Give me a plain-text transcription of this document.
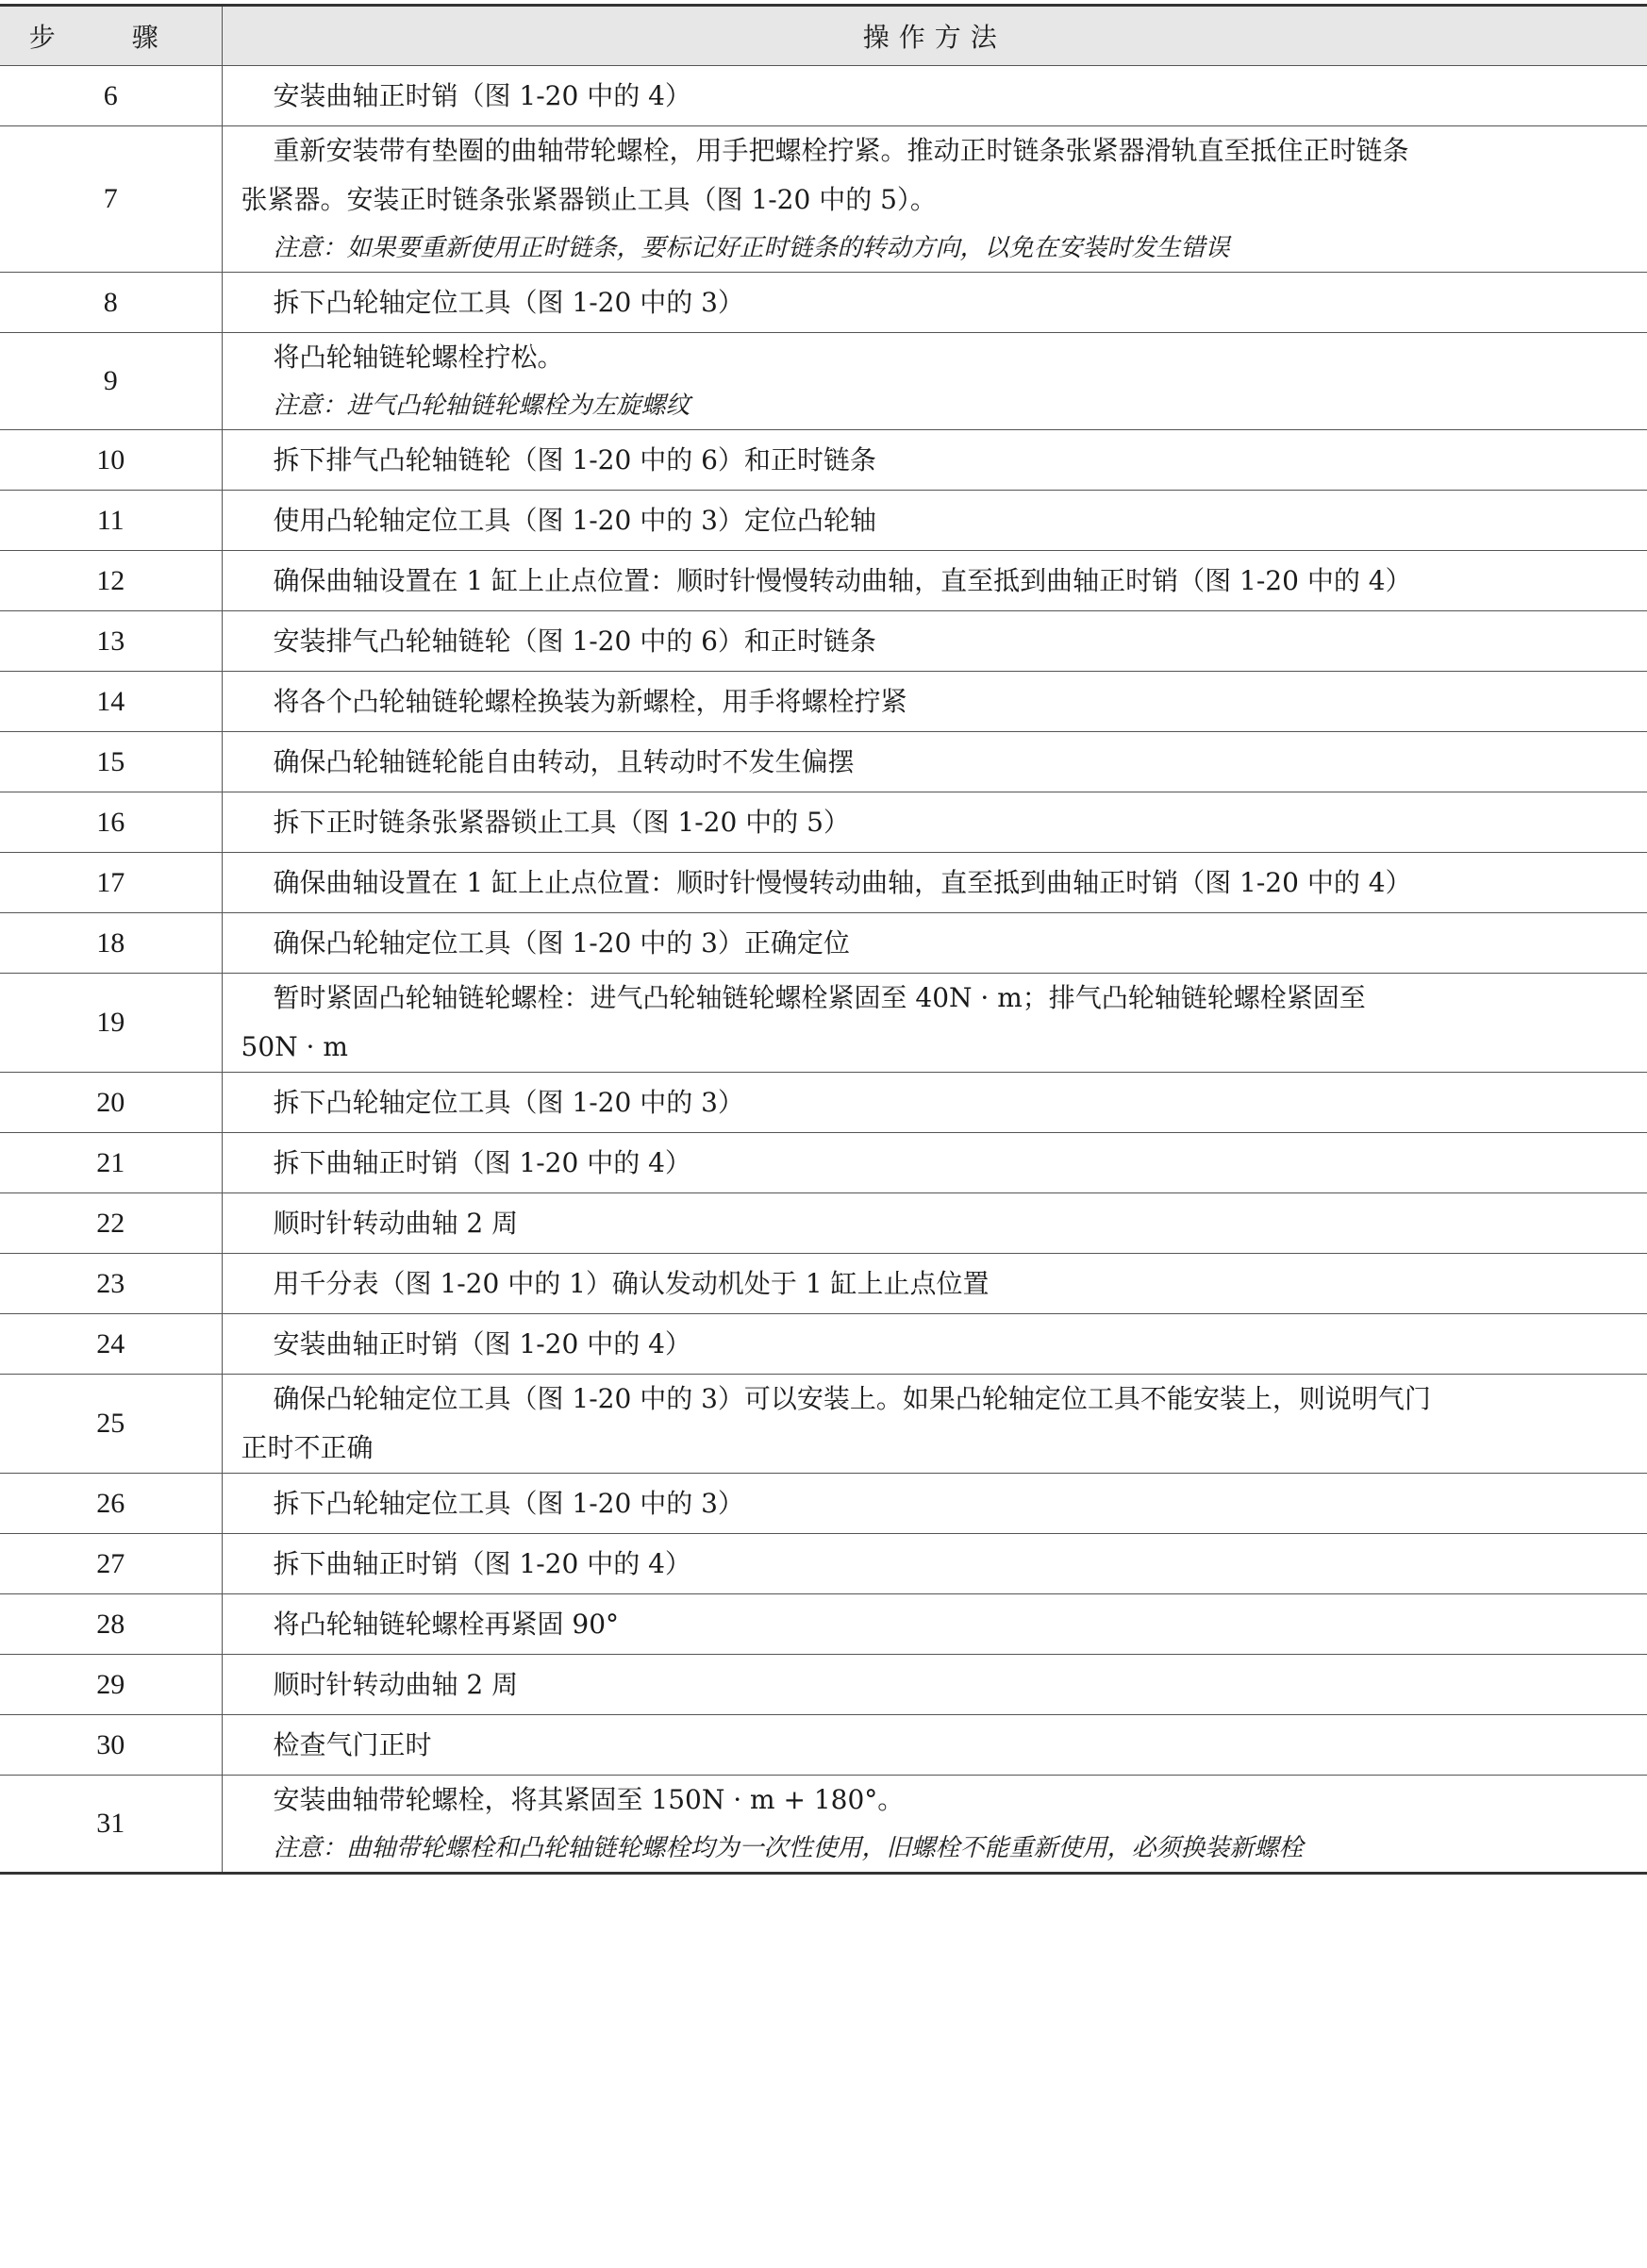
步 骤	操作方法
6	安装曲轴正时销（图 1-20 中的 4）

7	重新安装带有垫圈的曲轴带轮螺栓，用手把螺栓拧紧。推动正时链条张紧器滑轨直至抵住正时链条
张紧器。安装正时链条张紧器锁止工具（图 1-20 中的 5）。
注意：如果要重新使用正时链条，要标记好正时链条的转动方向，以免在安装时发生错误

8	拆下凸轮轴定位工具（图 1-20 中的 3）

9	将凸轮轴链轮螺栓拧松。
注意：进气凸轮轴链轮螺栓为左旋螺纹

10	拆下排气凸轮轴链轮（图 1-20 中的 6）和正时链条

11	使用凸轮轴定位工具（图 1-20 中的 3）定位凸轮轴

12	确保曲轴设置在 1 缸上止点位置：顺时针慢慢转动曲轴，直至抵到曲轴正时销（图 1-20 中的 4）

13	安装排气凸轮轴链轮（图 1-20 中的 6）和正时链条

14	将各个凸轮轴链轮螺栓换装为新螺栓，用手将螺栓拧紧

15	确保凸轮轴链轮能自由转动，且转动时不发生偏摆

16	拆下正时链条张紧器锁止工具（图 1-20 中的 5）

17	确保曲轴设置在 1 缸上止点位置：顺时针慢慢转动曲轴，直至抵到曲轴正时销（图 1-20 中的 4）

18	确保凸轮轴定位工具（图 1-20 中的 3）正确定位

19	暂时紧固凸轮轴链轮螺栓：进气凸轮轴链轮螺栓紧固至 40N · m；排气凸轮轴链轮螺栓紧固至
50N · m

20	拆下凸轮轴定位工具（图 1-20 中的 3）

21	拆下曲轴正时销（图 1-20 中的 4）

22	顺时针转动曲轴 2 周

23	用千分表（图 1-20 中的 1）确认发动机处于 1 缸上止点位置

24	安装曲轴正时销（图 1-20 中的 4）

25	确保凸轮轴定位工具（图 1-20 中的 3）可以安装上。如果凸轮轴定位工具不能安装上，则说明气门
正时不正确

26	拆下凸轮轴定位工具（图 1-20 中的 3）

27	拆下曲轴正时销（图 1-20 中的 4）

28	将凸轮轴链轮螺栓再紧固 90°

29	顺时针转动曲轴 2 周

30	检查气门正时

31	安装曲轴带轮螺栓，将其紧固至 150N · m + 180°。
注意：曲轴带轮螺栓和凸轮轴链轮螺栓均为一次性使用，旧螺栓不能重新使用，必须换装新螺栓
